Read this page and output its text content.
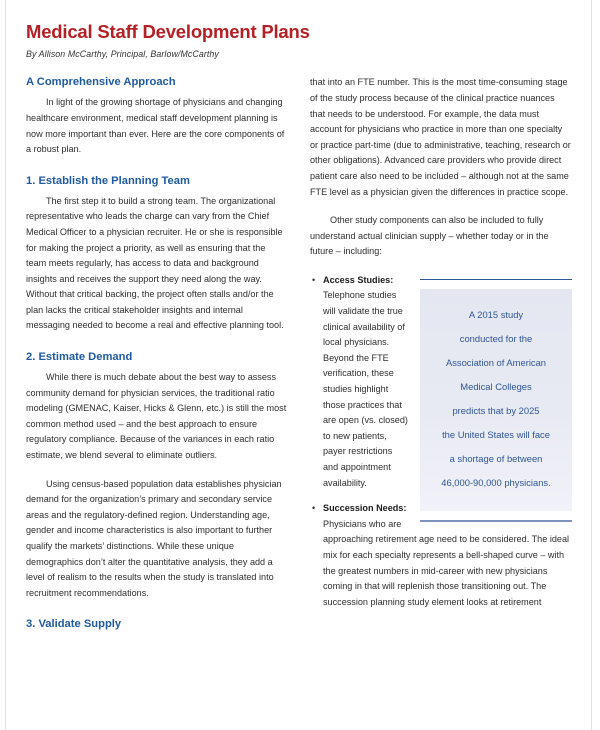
Medical Staff Development Plans
By Allison McCarthy, Principal, Barlow/McCarthy
A Comprehensive Approach

In light of the growing shortage of physicians and changing healthcare environment, medical staff development planning is now more important than ever. Here are the core components of a robust plan.

1. Establish the Planning Team

The first step it to build a strong team. The organizational representative who leads the charge can vary from the Chief Medical Officer to a physician recruiter. He or she is responsible for making the project a priority, as well as ensuring that the team meets regularly, has access to data and background insights and receives the support they need along the way. Without that critical backing, the project often stalls and/or the plan lacks the critical stakeholder insights and internal messaging needed to become a real and effective planning tool.

2. Estimate Demand

While there is much debate about the best way to assess community demand for physician services, the traditional ratio modeling (GMENAC, Kaiser, Hicks & Glenn, etc.) is still the most common method used – and the best approach to ensure regulatory compliance. Because of the variances in each ratio estimate, we blend several to eliminate outliers.

Using census-based population data establishes physician demand for the organization’s primary and secondary service areas and the regulatory-defined region. Understanding age, gender and income characteristics is also important to further qualify the markets’ distinctions. While these unique demographics don’t alter the quantitative analysis, they add a level of realism to the results when the study is translated into recruitment recommendations.

3. Validate Supply

that into an FTE number. This is the most time-consuming stage of the study process because of the clinical practice nuances that needs to be understood. For example, the data must account for physicians who practice in more than one specialty or practice part-time (due to administrative, teaching, research or other obligations). Advanced care providers who provide direct patient care also need to be included – although not at the same FTE level as a physician given the differences in practice scope.

Other study components can also be included to fully understand actual clinician supply – whether today or in the future – including:

A 2015 study
conducted for the
Association of American
Medical Colleges
predicts that by 2025
the United States will face
a shortage of between
46,000-90,000 physicians.
• Access Studies: Telephone studies will validate the true clinical availability of local physicians. Beyond the FTE verification, these studies highlight those practices that are open (vs. closed) to new patients, payer restrictions and appointment availability.
• Succession Needs: Physicians who are approaching retirement age need to be considered. The ideal mix for each specialty represents a bell-shaped curve – with the greatest numbers in mid-career with new physicians coming in that will replenish those transitioning out. The succession planning study element looks at retirement
